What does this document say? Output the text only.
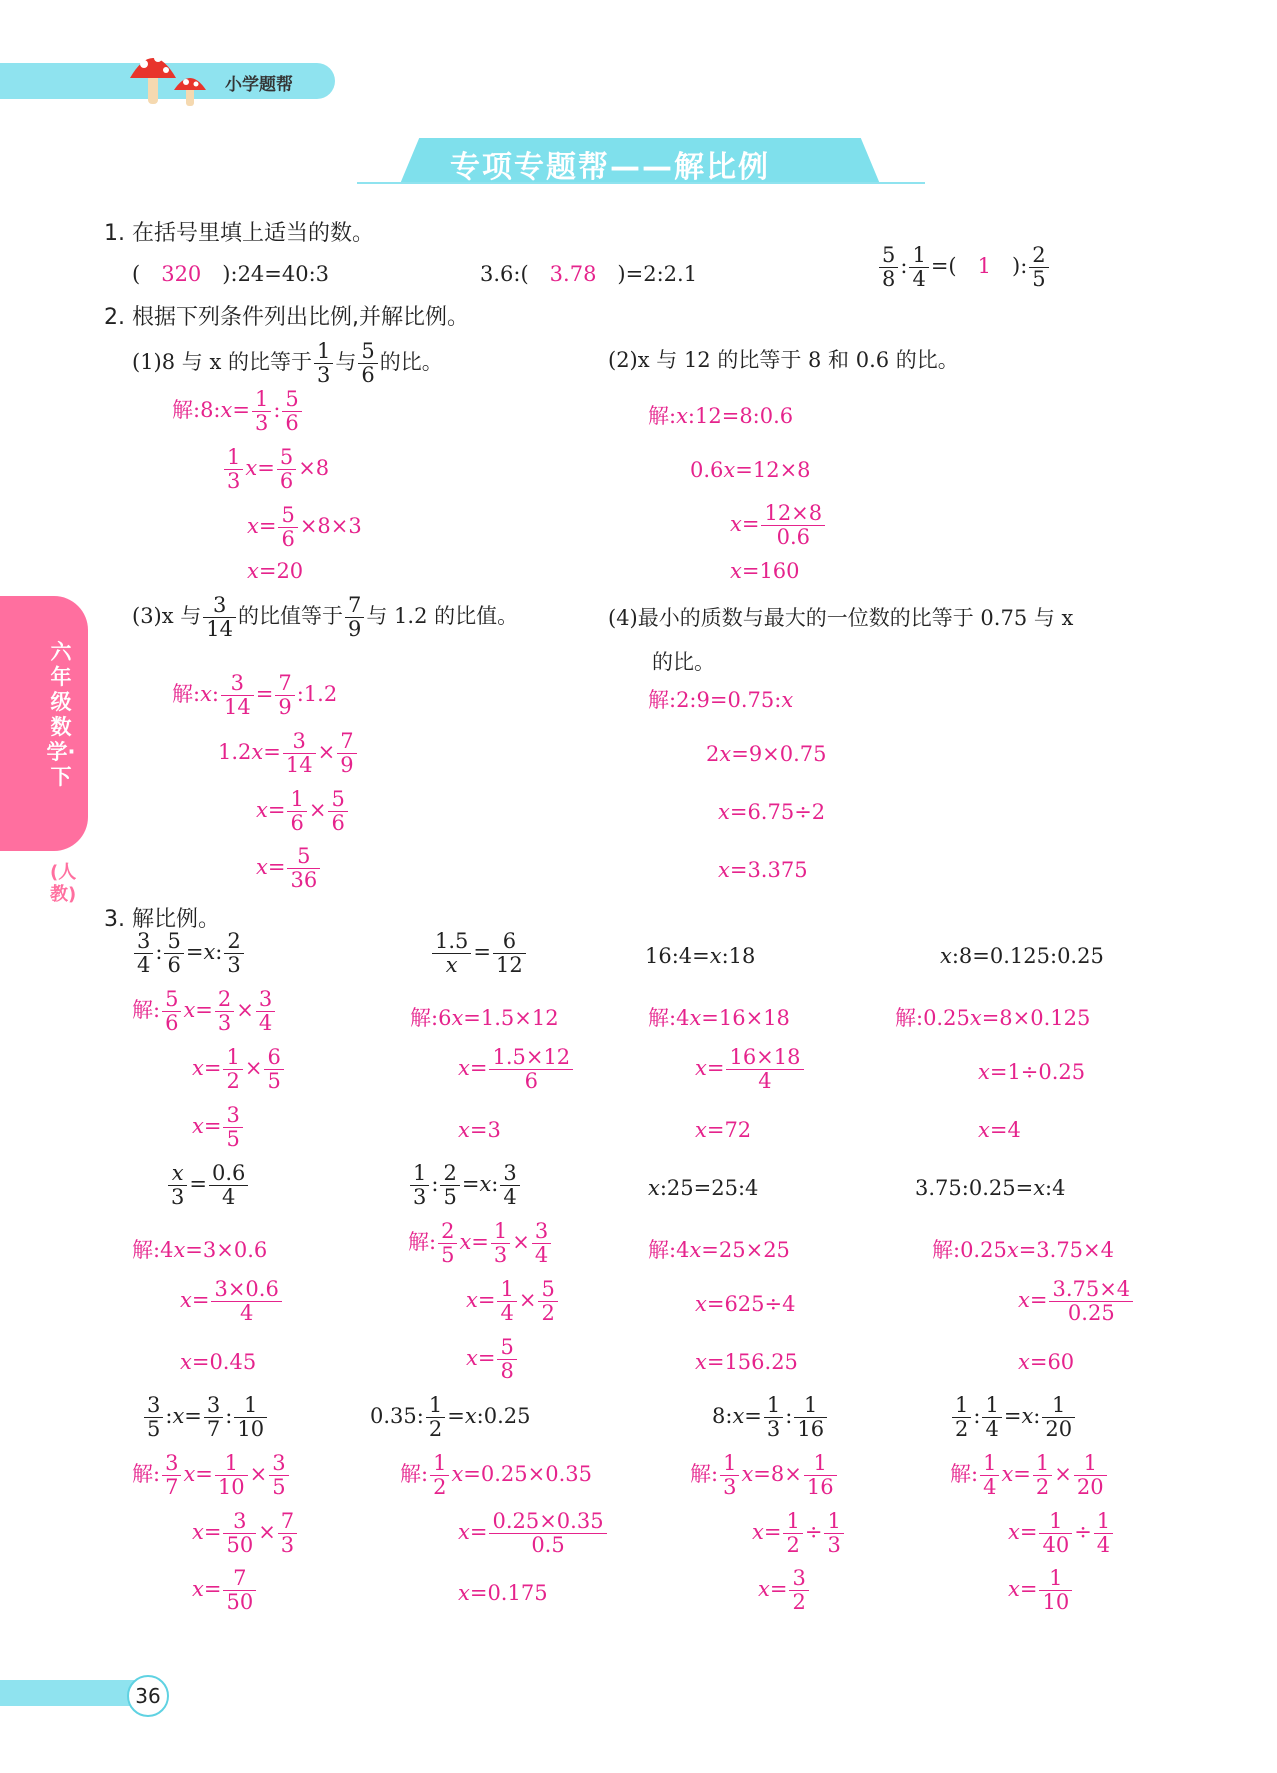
小学题帮
专项专题帮——解比例
六年级数学·下
(人教)
1. 在括号里填上适当的数。
(　320　):24=40:3	3.6:(　3.78　)=2:2.1	$\frac{5}{8}$ : $\frac{1}{4}$ =(　1　): $\frac{2}{5}$
2. 根据下列条件列出比例,并解比例。
(1)8 与 x 的比等于 $\frac{1}{3}$ 与 $\frac{5}{6}$ 的比。	(2)x 与 12 的比等于 8 和 0.6 的比。
解:8:x= $\frac{1}{3}$ : $\frac{5}{6}$
$\frac{1}{3} x= \frac{5}{6} \times 8$
$x= \frac{5}{6} \times 8\times 3$
x=20
解:x:12=8:0.6
0.6x=12×8
$x= \frac{12\times 8}{0.6}$
x=160
(3)x 与 $\frac{3}{14}$ 的比值等于 $\frac{7}{9}$ 与 1.2 的比值。	(4)最小的质数与最大的一位数的比等于 0.75 与 x
的比。
解:x: $\frac{3}{14} = \frac{7}{9}$ :1.2
$1.2x= \frac{3}{14} \times \frac{7}{9}$
$x= \frac{1}{6} \times \frac{5}{6}$
$x= \frac{5}{36}$
解:2:9=0.75:x
2x=9×0.75
x=6.75÷2
x=3.375
3. 解比例。
$\frac{3}{4}$ : $\frac{5}{6} =x$: $\frac{2}{3}$	$\frac{1.5}{x} = \frac{6}{12}$	16:4=x:18	x:8=0.125:0.25
解: $\frac{5}{6} x= \frac{2}{3} \times \frac{3}{4}$
$x= \frac{1}{2} \times \frac{6}{5}$
$x= \frac{3}{5}$
解:6x=1.5×12
$x= \frac{1.5\times 12}{6}$
x=3
解:4x=16×18
$x= \frac{16\times 18}{4}$
x=72
解:0.25x=8×0.125
x=1÷0.25
x=4
$\frac{x}{3} = \frac{0.6}{4}$	$\frac{1}{3}$ : $\frac{2}{5} =x$: $\frac{3}{4}$	x:25=25:4	3.75:0.25=x:4
解:4x=3×0.6
$x= \frac{3\times 0.6}{4}$
x=0.45
解: $\frac{2}{5} x= \frac{1}{3} \times \frac{3}{4}$
$x= \frac{1}{4} \times \frac{5}{2}$
$x= \frac{5}{8}$
解:4x=25×25
x=625÷4
x=156.25
解:0.25x=3.75×4
$x= \frac{3.75\times 4}{0.25}$
x=60
$\frac{3}{5}$ :x= $\frac{3}{7}$ : $\frac{1}{10}$	0.35: $\frac{1}{2}$ =x:0.25	8:x= $\frac{1}{3}$ : $\frac{1}{16}$	$\frac{1}{2}$ : $\frac{1}{4} =x$: $\frac{1}{20}$
解: $\frac{3}{7} x= \frac{1}{10} \times \frac{3}{5}$
$x= \frac{3}{50} \times \frac{7}{3}$
$x= \frac{7}{50}$
解: $\frac{1}{2} x=0.25\times 0.35$
$x= \frac{0.25\times 0.35}{0.5}$
x=0.175
解: $\frac{1}{3} x=8\times \frac{1}{16}$
$x= \frac{1}{2} \div \frac{1}{3}$
$x= \frac{3}{2}$
解: $\frac{1}{4} x= \frac{1}{2} \times \frac{1}{20}$
$x= \frac{1}{40} \div \frac{1}{4}$
$x= \frac{1}{10}$
36
